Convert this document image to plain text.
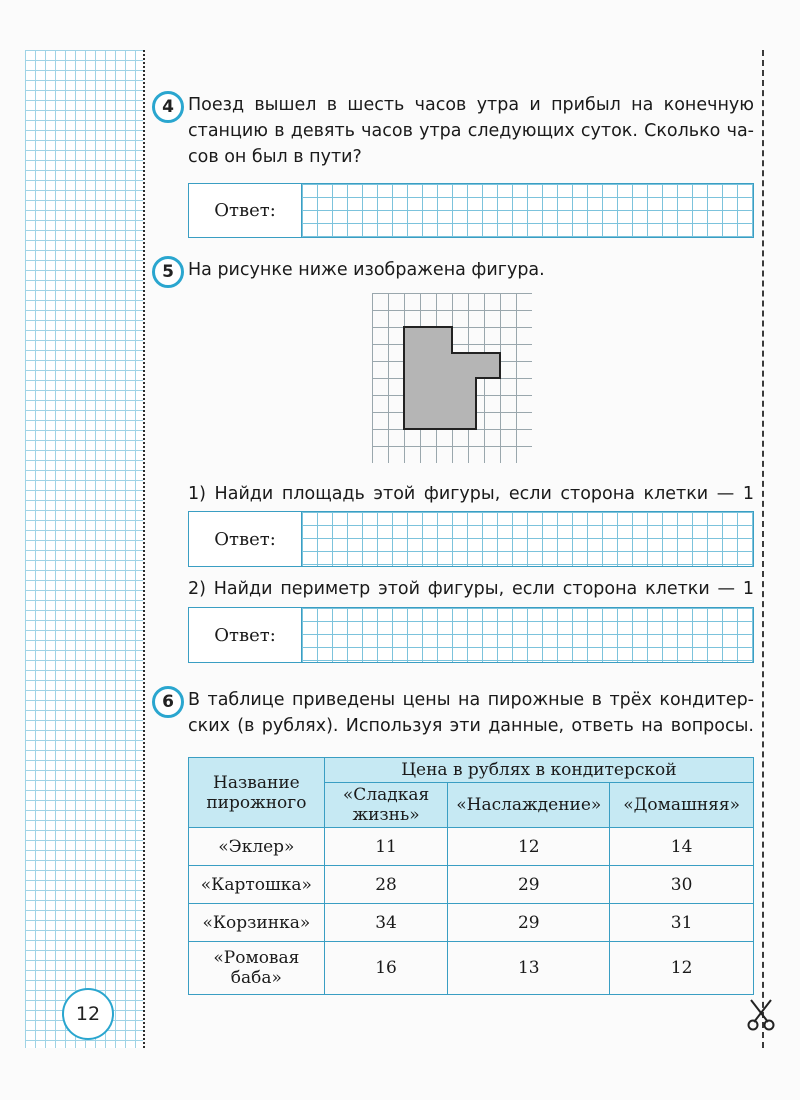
12
4 Поезд вышел в шесть часов утра и прибыл на конечную
станцию в девять часов утра следующих суток. Сколько ча-
сов он был в пути?
Ответ:
5 На рисунке ниже изображена фигура.
1) Найди площадь этой фигуры, если сторона клетки — 1
Ответ:
2) Найди периметр этой фигуры, если сторона клетки — 1
Ответ:
6 В таблице приведены цены на пирожные в трёх кондитер-
ских (в рублях). Используя эти данные, ответь на вопросы.
Название пирожного	Цена в рублях в кондитерской		
	«Сладкая жизнь»	«Наслаждение»	«Домашняя»
«Эклер»	11	12	14
«Картошка»	28	29	30
«Корзинка»	34	29	31
«Ромовая баба»	16	13	12
